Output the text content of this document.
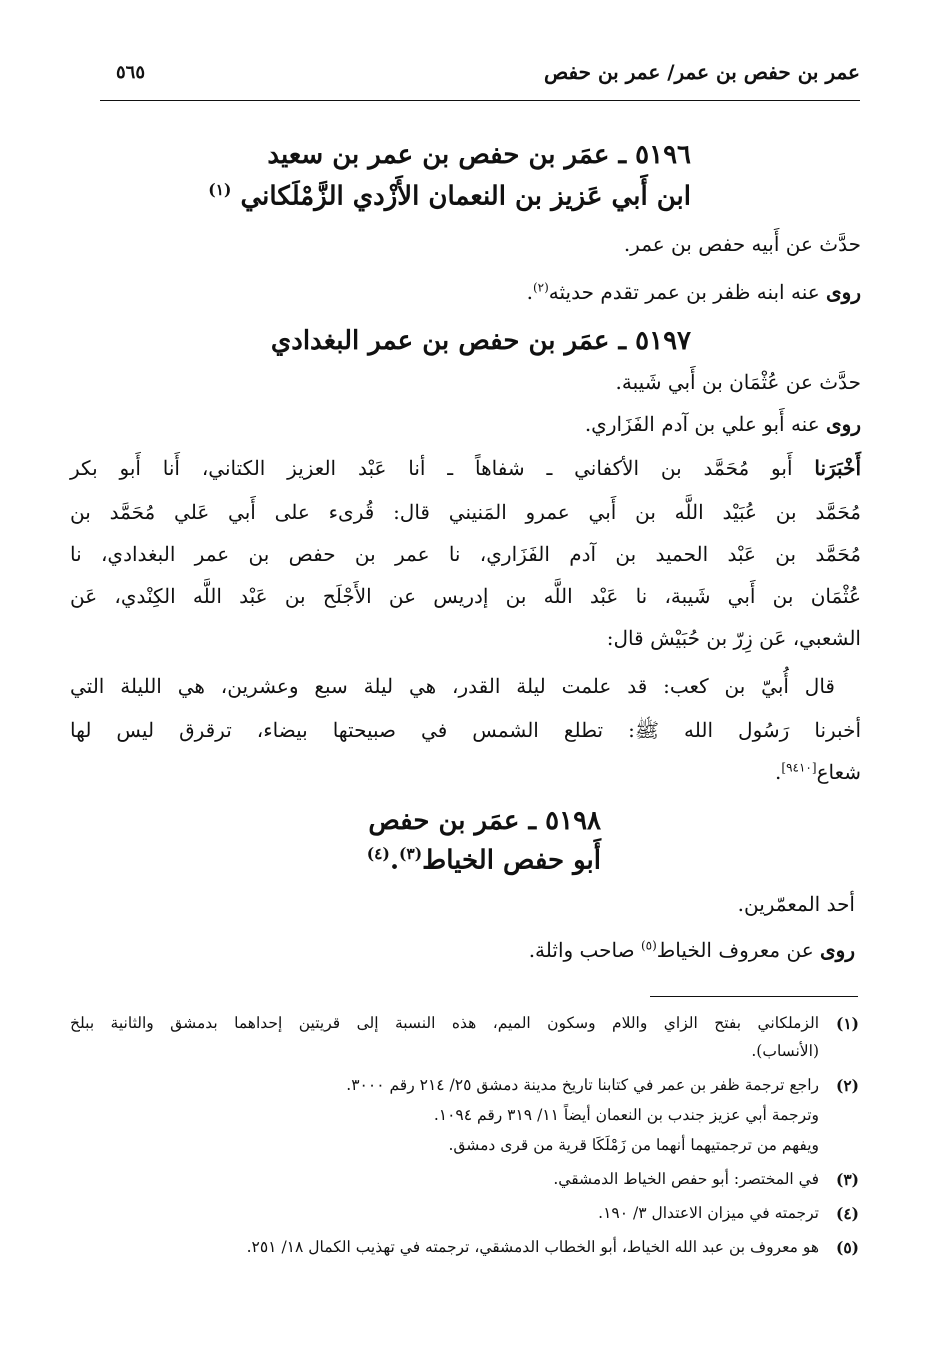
عمر بن حفص بن عمر/ عمر بن حفص
٥٦٥
٥١٩٦ ـ عمَر بن حفص بن عمر بن سعيد
ابن أَبي عَزيز بن النعمان الأَزْدي الزَّمْلَكاني $^{(١)}$
حدَّث عن أَبيه حفص بن عمر.
روى عنه ابنه ظفر بن عمر تقدم حديثه$^{(٢)}$.
٥١٩٧ ـ عمَر بن حفص بن عمر البغدادي
حدَّث عن عُثْمَان بن أَبي شَيبة.
روى عنه أَبو علي بن آدم الفَزَاري.
أَخْبَرَنا أَبو مُحَمَّد بن الأكفاني ـ شفاهاً ـ أنا عَبْد العزيز الكتاني، أَنا أَبو بكر
مُحَمَّد بن عُبَيْد اللَّه بن أَبي عمرو المَنيني قال: قُرىء على أَبي عَلي مُحَمَّد بن
مُحَمَّد بن عَبْد الحميد بن آدم الفَزَاري، نا عمر بن حفص بن عمر البغدادي، نا
عُثْمَان بن أَبي شَيبة، نا عَبْد اللَّه بن إدريس عن الأَجْلَح بن عَبْد اللَّه الكِنْدي، عَن
الشعبي، عَن زِرّ بن حُبَيْش قال:
قال أُبيّ بن كعب: قد علمت ليلة القدر، هي ليلة سبع وعشرين، هي الليلة التي
أخبرنا رَسُول الله ﷺ: تطلع الشمس في صبيحتها بيضاء، ترقرق ليس لها
شعاع[٩٤١٠].
٥١٩٨ ـ عمَر بن حفص
أَبو حفص الخياط$^{(٣)}$.$^{(٤)}$
أحد المعمّرين.
روى عن معروف الخياط$^{(٥)}$ صاحب واثلة.
(١)
الزملكاني بفتح الزاي واللام وسكون الميم، هذه النسبة إلى قريتين إحداهما بدمشق والثانية ببلخ
(الأنساب).
(٢)
راجع ترجمة ظفر بن عمر في كتابنا تاريخ مدينة دمشق ٢٥/ ٢١٤ رقم ٣٠٠٠.
وترجمة أبي عزيز جندب بن النعمان أيضاً ١١/ ٣١٩ رقم ١٠٩٤.
ويفهم من ترجمتيهما أنهما من زَمْلَكَا قرية من قرى دمشق.
(٣)
في المختصر: أبو حفص الخياط الدمشقي.
(٤)
ترجمته في ميزان الاعتدال ٣/ ١٩٠.
(٥)
هو معروف بن عبد الله الخياط، أبو الخطاب الدمشقي، ترجمته في تهذيب الكمال ١٨/ ٢٥١.
